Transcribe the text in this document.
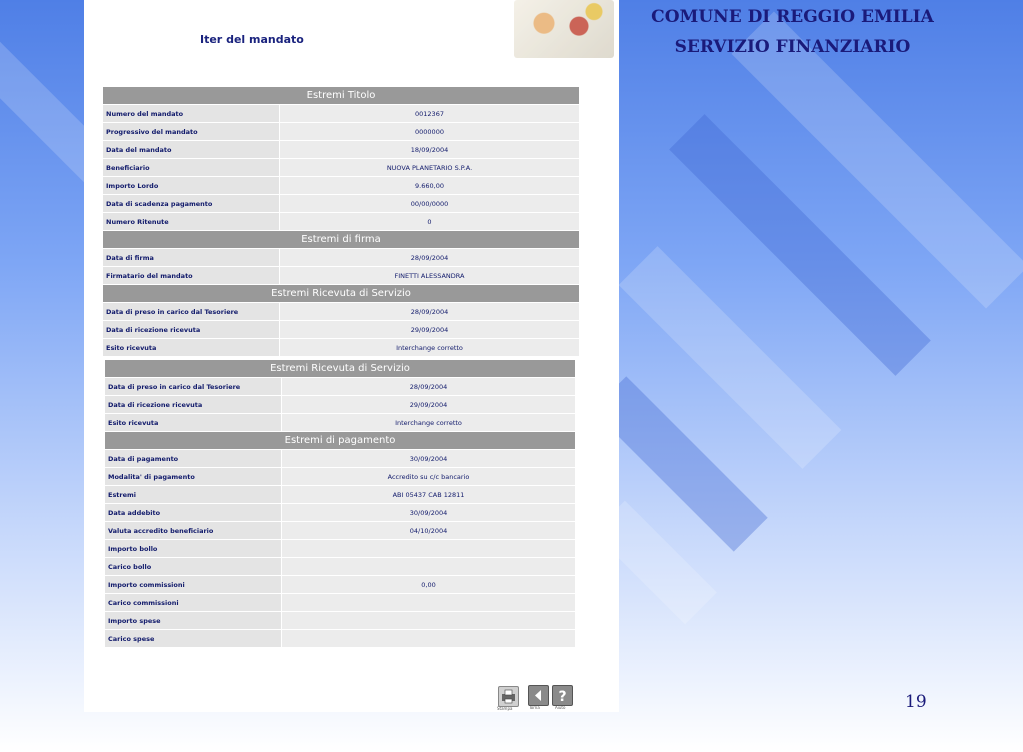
COMUNE DI REGGIO EMILIA
SERVIZIO FINANZIARIO
Iter del mandato
Estremi Titolo	
Numero del mandato	0012367
Progressivo del mandato	0000000
Data del mandato	18/09/2004
Beneficiario	NUOVA PLANETARIO S.P.A.
Importo Lordo	9.660,00
Data di scadenza pagamento	00/00/0000
Numero Ritenute	0
Estremi di firma	
Data di firma	28/09/2004
Firmatario del mandato	FINETTI ALESSANDRA
Estremi Ricevuta di Servizio	
Data di preso in carico dal Tesoriere	28/09/2004
Data di ricezione ricevuta	29/09/2004
Esito ricevuta	Interchange corretto
Estremi Ricevuta di Servizio	
Data di preso in carico dal Tesoriere	28/09/2004
Data di ricezione ricevuta	29/09/2004
Esito ricevuta	Interchange corretto
Estremi di pagamento	
Data di pagamento	30/09/2004
Modalita' di pagamento	Accredito su c/c bancario
Estremi	ABI 05437 CAB 12811
Data addebito	30/09/2004
Valuta accredito beneficiario	04/10/2004
Importo bollo	
Carico bollo	
Importo commissioni	0,00
Carico commissioni	
Importo spese	
Carico spese	
Stampa	Torna
?
Aiuto	19
